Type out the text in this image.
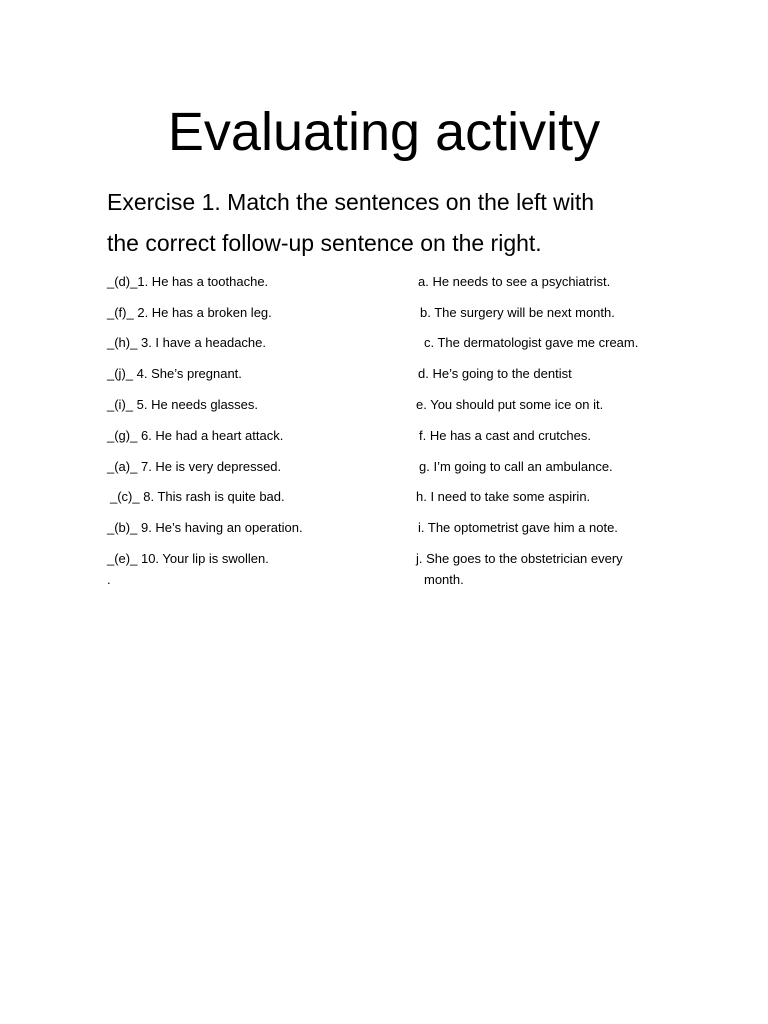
Evaluating activity
Exercise 1. Match the sentences on the left with
the correct follow-up sentence on the right.
_(d)_1. He has a toothache.
_(f)_ 2. He has a broken leg.
_(h)_ 3. I have a headache.
_(j)_ 4. She’s pregnant.
_(i)_ 5. He needs glasses.
_(g)_ 6. He had a heart attack.
_(a)_ 7. He is very depressed.
_(c)_ 8. This rash is quite bad.
_(b)_ 9. He’s having an operation.
_(e)_ 10. Your lip is swollen.
.
a. He needs to see a psychiatrist.
b. The surgery will be next month.
c. The dermatologist gave me cream.
d. He’s going to the dentist
e. You should put some ice on it.
f. He has a cast and crutches.
g. I’m going to call an ambulance.
h. I need to take some aspirin.
i. The optometrist gave him a note.
j. She goes to the obstetrician every
month.
